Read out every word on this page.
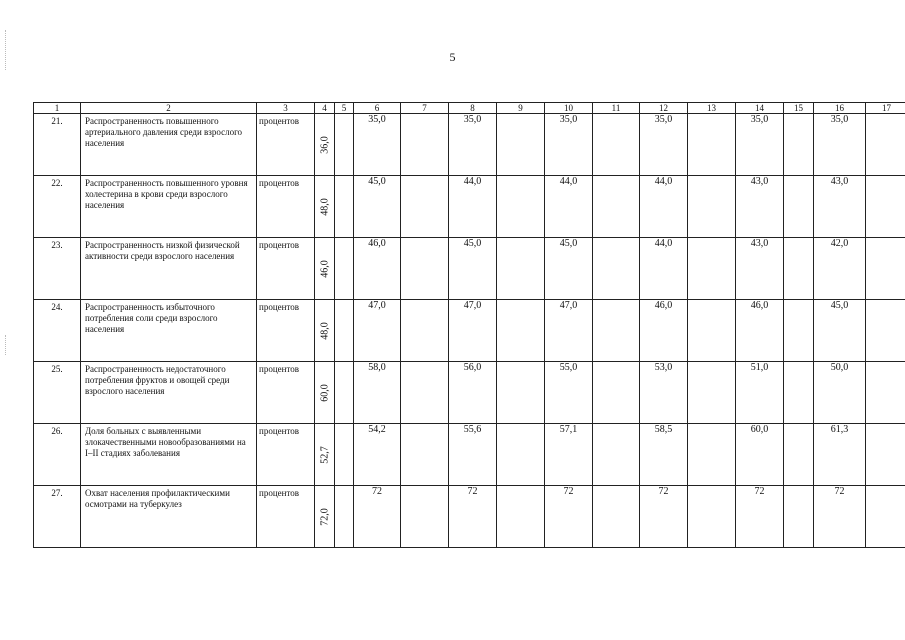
5
1	2	3	4	5	6	7	8	9	10	11	12	13	14	15	16	17
21.	Распространенность повышенного артериального давления среди взрослого населения	процентов	36,0		35,0		35,0		35,0		35,0		35,0		35,0	
22.	Распространенность повышенного уровня холестерина в крови среди взрослого населения	процентов	48,0		45,0		44,0		44,0		44,0		43,0		43,0	
23.	Распространенность низкой физической активности среди взрослого населения	процентов	46,0		46,0		45,0		45,0		44,0		43,0		42,0	
24.	Распространенность избыточного потребления соли среди взрослого населения	процентов	48,0		47,0		47,0		47,0		46,0		46,0		45,0	
25.	Распространенность недостаточного потребления фруктов и овощей среди взрослого населения	процентов	60,0		58,0		56,0		55,0		53,0		51,0		50,0	
26.	Доля больных с выявленными злокачественными новообразованиями на I–II стадиях заболевания	процентов	52,7		54,2		55,6		57,1		58,5		60,0		61,3	
27.	Охват населения профилактическими осмотрами на туберкулез	процентов	72,0		72		72		72		72		72		72	
